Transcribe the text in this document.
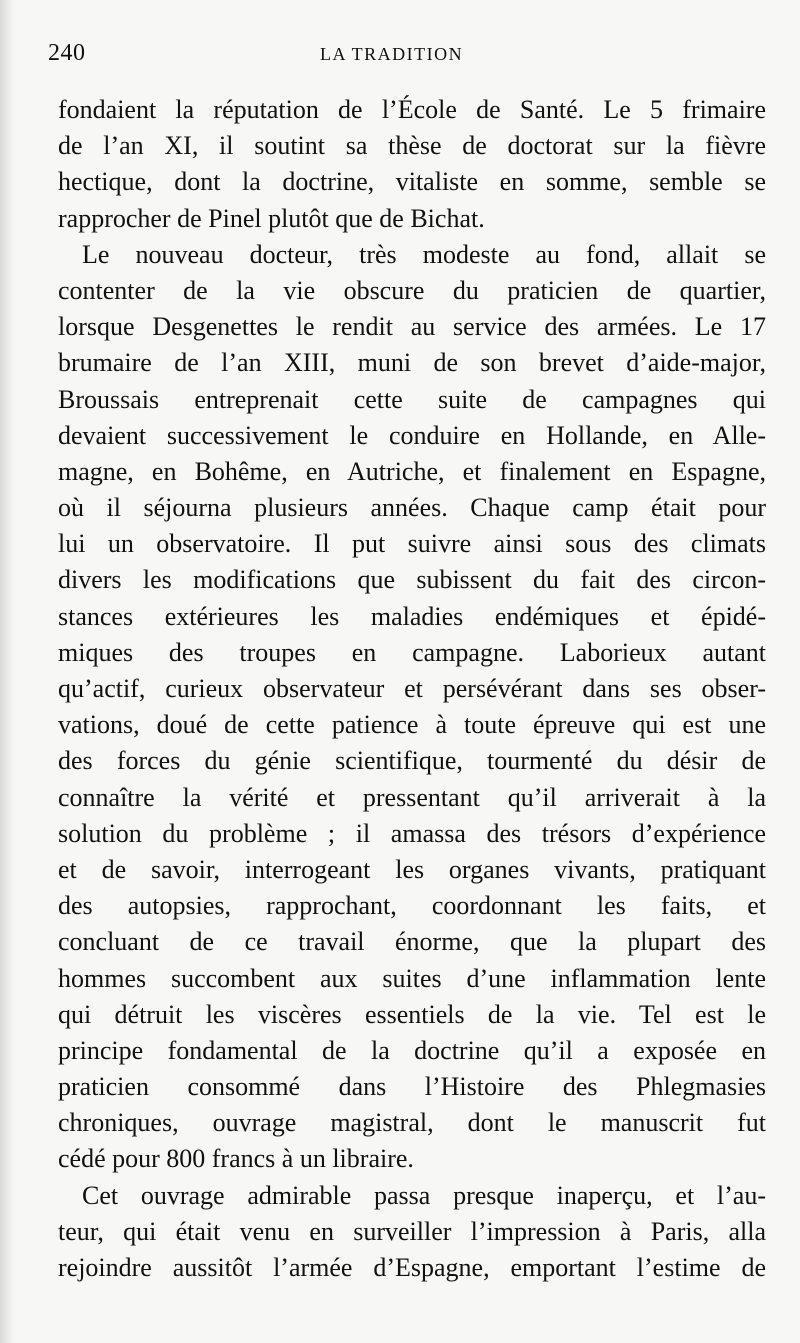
240	LA TRADITION
fondaient la réputation de l’École de Santé. Le 5 frimaire
de l’an XI, il soutint sa thèse de doctorat sur la fièvre
hectique, dont la doctrine, vitaliste en somme, semble se
rapprocher de Pinel plutôt que de Bichat.
Le nouveau docteur, très modeste au fond, allait se
contenter de la vie obscure du praticien de quartier,
lorsque Desgenettes le rendit au service des armées. Le 17
brumaire de l’an XIII, muni de son brevet d’aide-major,
Broussais entreprenait cette suite de campagnes qui
devaient successivement le conduire en Hollande, en Alle-
magne, en Bohême, en Autriche, et finalement en Espagne,
où il séjourna plusieurs années. Chaque camp était pour
lui un observatoire. Il put suivre ainsi sous des climats
divers les modifications que subissent du fait des circon-
stances extérieures les maladies endémiques et épidé-
miques des troupes en campagne. Laborieux autant
qu’actif, curieux observateur et persévérant dans ses obser-
vations, doué de cette patience à toute épreuve qui est une
des forces du génie scientifique, tourmenté du désir de
connaître la vérité et pressentant qu’il arriverait à la
solution du problème ; il amassa des trésors d’expérience
et de savoir, interrogeant les organes vivants, pratiquant
des autopsies, rapprochant, coordonnant les faits, et
concluant de ce travail énorme, que la plupart des
hommes succombent aux suites d’une inflammation lente
qui détruit les viscères essentiels de la vie. Tel est le
principe fondamental de la doctrine qu’il a exposée en
praticien consommé dans l’Histoire des Phlegmasies
chroniques, ouvrage magistral, dont le manuscrit fut
cédé pour 800 francs à un libraire.
Cet ouvrage admirable passa presque inaperçu, et l’au-
teur, qui était venu en surveiller l’impression à Paris, alla
rejoindre aussitôt l’armée d’Espagne, emportant l’estime de
